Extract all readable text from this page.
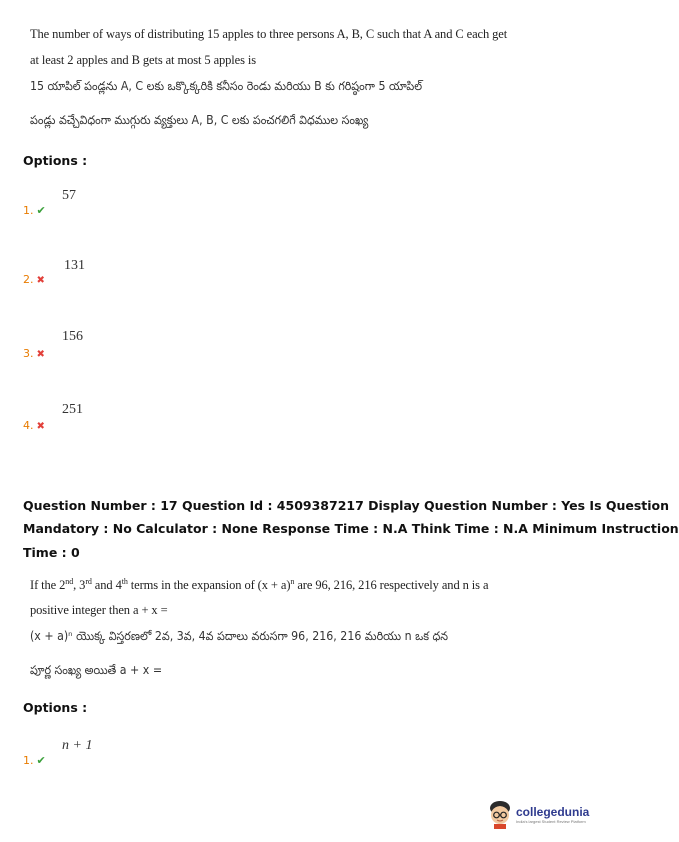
The number of ways of distributing 15 apples to three persons A, B, C such that A and C each get
at least 2 apples and B gets at most 5 apples is
15 యాపిల్ పండ్లను A, C లకు ఒక్కొక్కరికి కనీసం రెండు మరియు B కు గరిష్ఠంగా 5 యాపిల్
పండ్లు వచ్చేవిధంగా ముగ్గురు వ్యక్తులు A, B, C లకు పంచగలిగే విధముల సంఖ్య
Options :
57
1. ✔
131
2. ✖
156
3. ✖
251
4. ✖
Question Number : 17 Question Id : 4509387217 Display Question Number : Yes Is Question
Mandatory : No Calculator : None Response Time : N.A Think Time : N.A Minimum Instruction
Time : 0
If the 2nd, 3rd and 4th terms in the expansion of $(x + a)^n$ are 96, 216, 216 respectively and n is a
positive integer then a + x =
(x + a)ⁿ యొక్క విస్తరణలో 2వ, 3వ, 4వ పదాలు వరుసగా 96, 216, 216 మరియు n ఒక ధన
పూర్ణ సంఖ్య అయితే a + x =
Options :
n + 1
1. ✔
collegedunia
India's largest Student Review Platform
